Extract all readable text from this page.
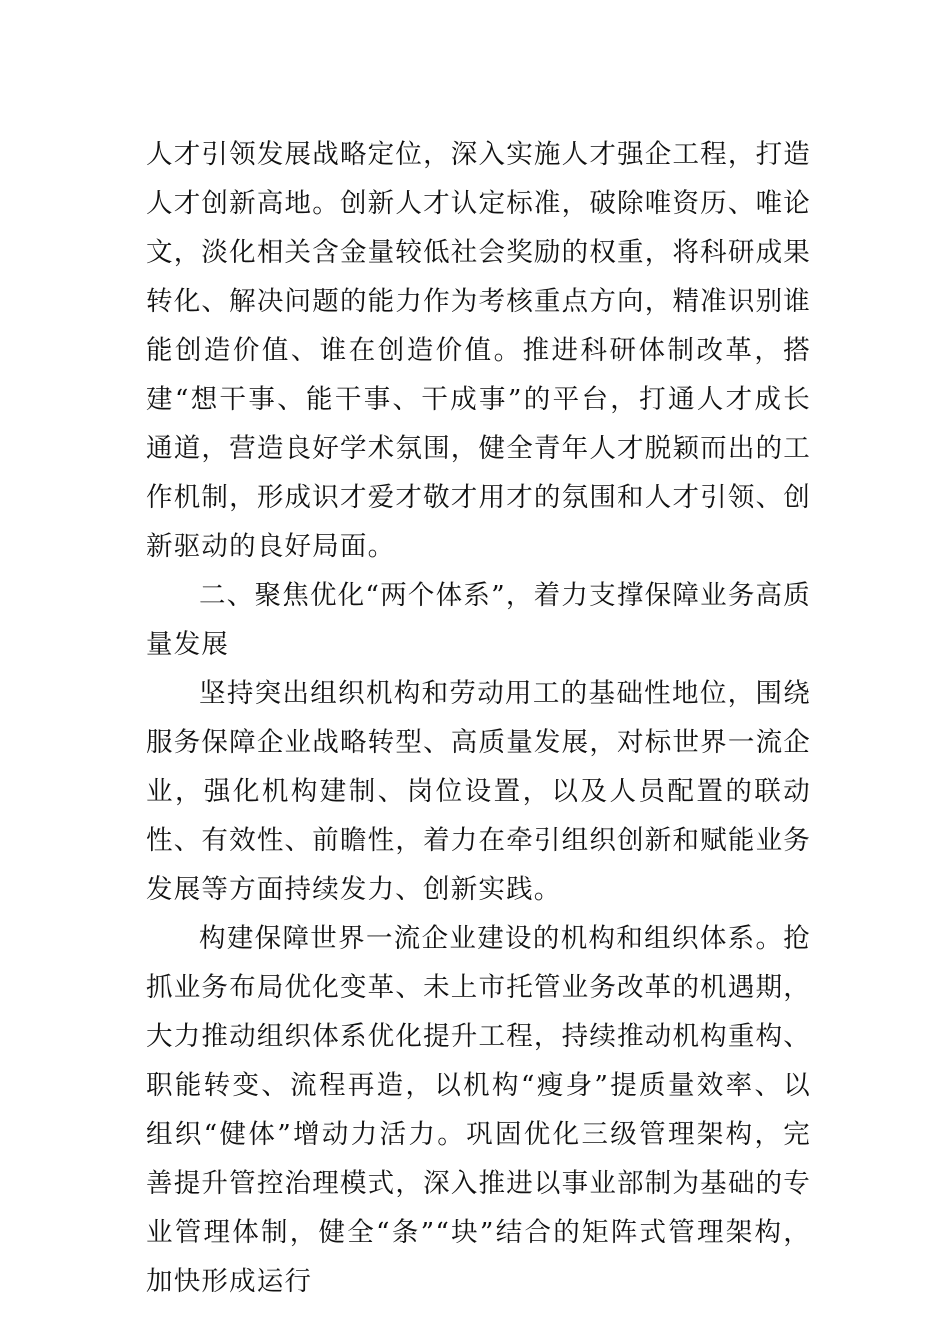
人才引领发展战略定位，深入实施人才强企工程，打造人才创新高地。创新人才认定标准，破除唯资历、唯论文，淡化相关含金量较低社会奖励的权重，将科研成果转化、解决问题的能力作为考核重点方向，精准识别谁能创造价值、谁在创造价值。推进科研体制改革，搭建“想干事、能干事、干成事”的平台，打通人才成长通道，营造良好学术氛围，健全青年人才脱颖而出的工作机制，形成识才爱才敬才用才的氛围和人才引领、创新驱动的良好局面。

二、聚焦优化“两个体系”，着力支撑保障业务高质量发展

坚持突出组织机构和劳动用工的基础性地位，围绕服务保障企业战略转型、高质量发展，对标世界一流企业，强化机构建制、岗位设置，以及人员配置的联动性、有效性、前瞻性，着力在牵引组织创新和赋能业务发展等方面持续发力、创新实践。

构建保障世界一流企业建设的机构和组织体系。抢抓业务布局优化变革、未上市托管业务改革的机遇期，大力推动组织体系优化提升工程，持续推动机构重构、职能转变、流程再造，以机构“瘦身”提质量效率、以组织“健体”增动力活力。巩固优化三级管理架构，完善提升管控治理模式，深入推进以事业部制为基础的专业管理体制，健全“条”“块”结合的矩阵式管理架构，加快形成运行
